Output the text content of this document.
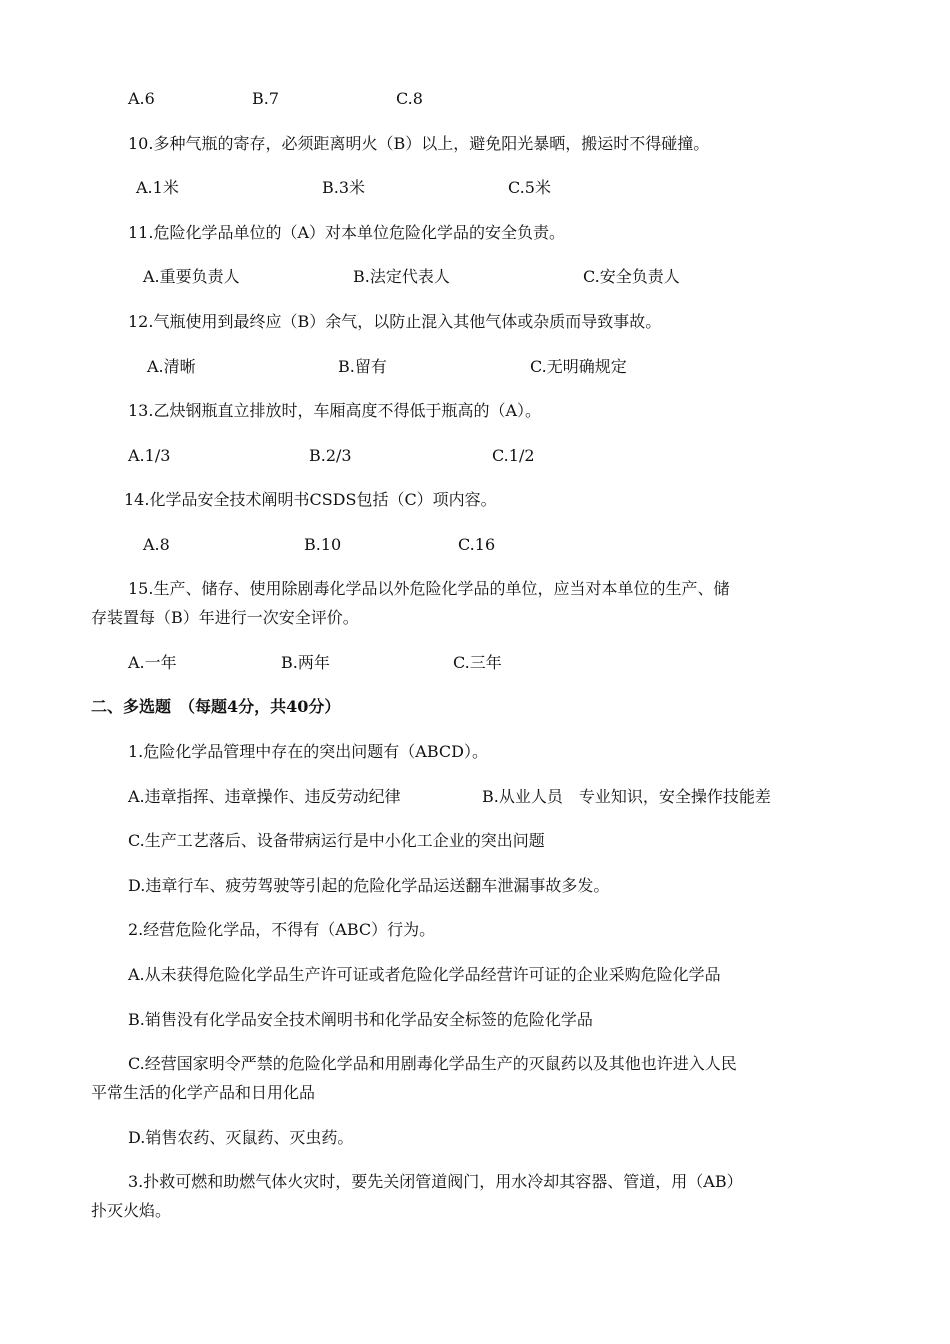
A.6	B.7	C.8
10.多种气瓶的寄存，必须距离明火（B）以上，避免阳光暴晒，搬运时不得碰撞。
A.1米	B.3米	C.5米
11.危险化学品单位的（A）对本单位危险化学品的安全负责。
A.重要负责人	B.法定代表人	C.安全负责人
12.气瓶使用到最终应（B）余气，以防止混入其他气体或杂质而导致事故。
A.清晰	B.留有	C.无明确规定
13.乙炔钢瓶直立排放时，车厢高度不得低于瓶高的（A）。
A.1/3	B.2/3	C.1/2
14.化学品安全技术阐明书CSDS包括（C）项内容。
A.8	B.10	C.16
15.生产、储存、使用除剧毒化学品以外危险化学品的单位，应当对本单位的生产、储
存装置每（B）年进行一次安全评价。
A.一年	B.两年	C.三年
二、多选题　（每题4分，共40分）
1.危险化学品管理中存在的突出问题有（ABCD）。
A.违章指挥、违章操作、违反劳动纪律	B.从业人员　专业知识，安全操作技能差
C.生产工艺落后、设备带病运行是中小化工企业的突出问题
D.违章行车、疲劳驾驶等引起的危险化学品运送翻车泄漏事故多发。
2.经营危险化学品，不得有（ABC）行为。
A.从未获得危险化学品生产许可证或者危险化学品经营许可证的企业采购危险化学品
B.销售没有化学品安全技术阐明书和化学品安全标签的危险化学品
C.经营国家明令严禁的危险化学品和用剧毒化学品生产的灭鼠药以及其他也许进入人民
平常生活的化学产品和日用化品
D.销售农药、灭鼠药、灭虫药。
3.扑救可燃和助燃气体火灾时，要先关闭管道阀门，用水冷却其容器、管道，用（AB）
扑灭火焰。
